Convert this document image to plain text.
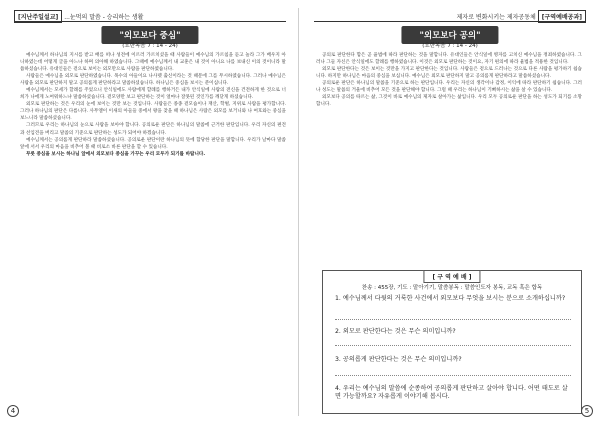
[지난주일설교] ...눈먹의 말씀 - 승리하는 생활
"외모보다 중심"
(요한복음 7 : 14 - 24)

예수님께서 하나님의 지시를 받고 배를 떠나 성전에 이르러 가르치셨을 때 사람들이 예수님의 가르침을 듣고 놀라 그가 배우지 아니하였는데 어떻게 글을 아느냐 하며 의아해 하였습니다. 그때에 예수님께서 내 교훈은 내 것이 아니요 나를 보내신 이의 것이니라 말씀하셨습니다. 유대인들은 겉으로 보이는 외모만으로 사람을 판단하였습니다.

사람들은 예수님을 외모로 판단하였습니다. 목수의 아들이요 나사렛 출신이라는 것 때문에 그를 무시하였습니다. 그러나 예수님은 사람을 외모로 판단하지 말고 공의롭게 판단하라고 말씀하셨습니다. 하나님은 중심을 보시는 분이십니다.

예수님께서는 모세가 할례를 주었으니 안식일에도 사람에게 할례를 행하거든 내가 안식일에 사람의 전신을 건전하게 한 것으로 너희가 나에게 노여워하느냐 말씀하셨습니다. 겉모양만 보고 판단하는 것이 얼마나 잘못된 것인가를 깨닫게 하셨습니다.

외모로 판단하는 것은 우리의 눈에 보이는 것만 보는 것입니다. 사람들은 종종 겉모습이나 재산, 학벌, 지위로 사람을 평가합니다. 그러나 하나님의 판단은 다릅니다. 사무엘이 이새의 아들들 중에서 왕을 찾을 때 하나님은 사람은 외모를 보거니와 나 여호와는 중심을 보느니라 말씀하셨습니다.

그러므로 우리는 하나님의 눈으로 사람을 보아야 합니다. 공의로운 판단은 하나님의 말씀에 근거한 판단입니다. 우리 자신의 편견과 선입견을 버리고 말씀의 기준으로 판단하는 성도가 되어야 하겠습니다.

예수님께서는 공의롭게 판단하라 말씀하셨습니다. 공의로운 판단이란 하나님의 뜻에 합당한 판단을 말합니다. 우리가 날마다 말씀 앞에 서서 우리의 마음을 비추어 볼 때 비로소 바른 판단을 할 수 있습니다.

무릇 중심을 보시는 하나님 앞에서 외모보다 중심을 가꾸는 우리 모두가 되기를 바랍니다.

4
제자로 변화시키는 제자공동체 [구역예배공과]
"외모보다 공의"
(요한복음 7 : 14 - 24)

공의로 판단한다 함은 곧 율법에 따라 판단하는 것을 말합니다. 유대인들은 안식일에 병자를 고치신 예수님을 정죄하였습니다. 그러나 그들 자신은 안식일에도 할례를 행하였습니다. 이것은 외모로 판단하는 것이요, 자기 편의에 따라 율법을 적용한 것입니다.

외모로 판단한다는 것은 보이는 것만을 가지고 판단한다는 것입니다. 사람들은 겉으로 드러나는 것으로 다른 사람을 평가하기 쉽습니다. 하지만 하나님은 마음의 중심을 보십니다. 예수님은 외모로 판단하지 말고 공의롭게 판단하라고 말씀하셨습니다.

공의로운 판단은 하나님의 말씀을 기준으로 하는 판단입니다. 우리는 자신의 생각이나 감정, 이익에 따라 판단하기 쉽습니다. 그러나 성도는 말씀의 거울에 비추어 모든 것을 판단해야 합니다. 그럴 때 우리는 하나님이 기뻐하시는 삶을 살 수 있습니다.

외모보다 공의를 따르는 삶, 그것이 바로 예수님의 제자로 살아가는 삶입니다. 우리 모두 공의로운 판단을 하는 성도가 되기를 소망합니다.

[ 구 역 예 배 ]
찬송 : 455장, 기도 : 맡아기기, 말씀봉독 : 말씀인도자 봉독, 교독 혹은 합독
1. 예수님께서 다윗의 거룩한 사건에서 외모보다 무엇을 보시는 분으로 소개하십니까?
2. 외모로 판단한다는 것은 무슨 의미입니까?
3. 공의롭게 판단한다는 것은 무슨 의미입니까?
4. 우리는 예수님의 말씀에 순종하여 공의롭게 판단하고 살아야 합니다. 어떤 태도로 살면 가능할까요? 자유롭게 이야기해 봅시다.
5
